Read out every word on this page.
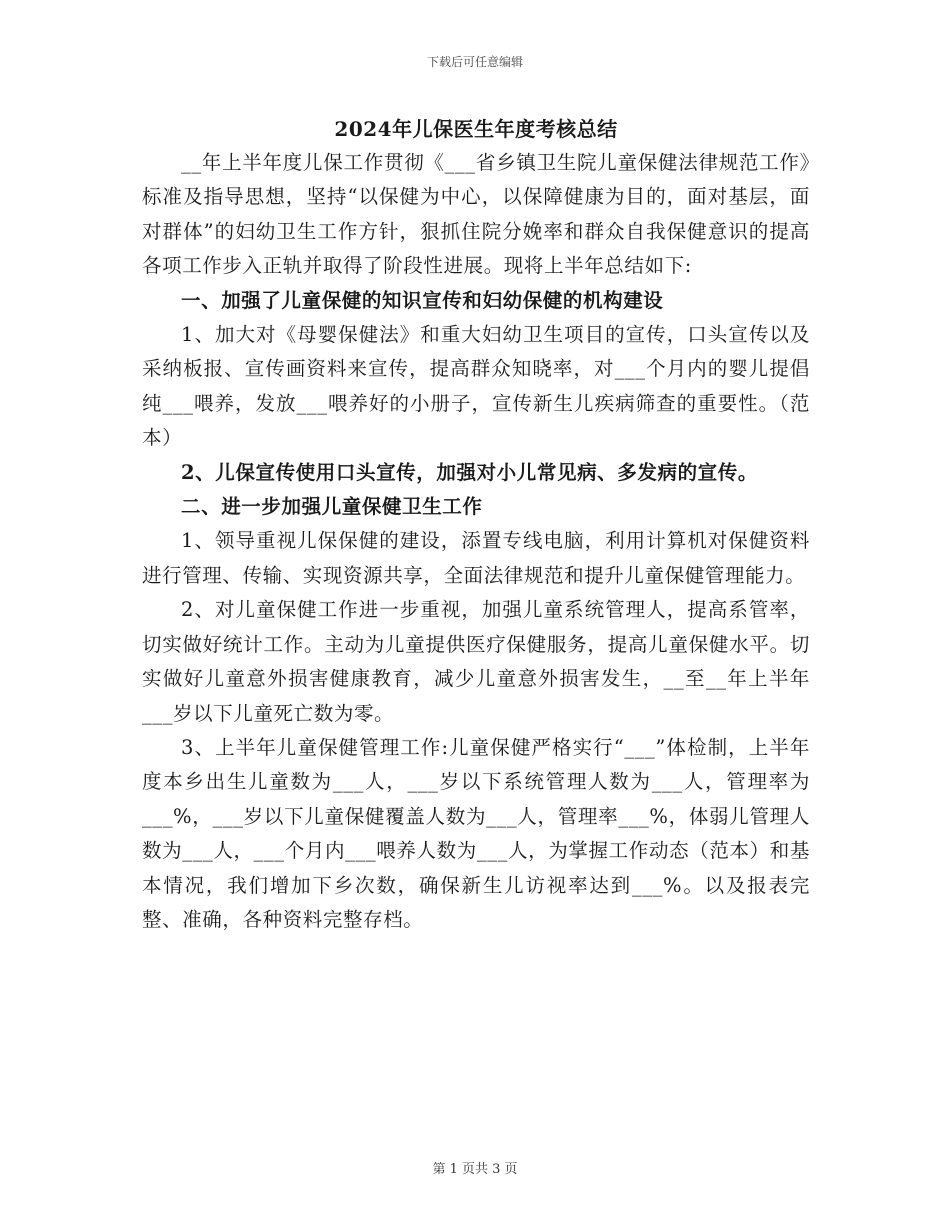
下载后可任意编辑
2024年儿保医生年度考核总结

__年上半年度儿保工作贯彻《___省乡镇卫生院儿童保健法律规范工作》标准及指导思想，坚持“以保健为中心，以保障健康为目的，面对基层，面对群体”的妇幼卫生工作方针，狠抓住院分娩率和群众自我保健意识的提高各项工作步入正轨并取得了阶段性进展。现将上半年总结如下:

一、加强了儿童保健的知识宣传和妇幼保健的机构建设

1、加大对《母婴保健法》和重大妇幼卫生项目的宣传，口头宣传以及采纳板报、宣传画资料来宣传，提高群众知晓率，对___个月内的婴儿提倡纯___喂养，发放___喂养好的小册子，宣传新生儿疾病筛查的重要性。（范本）

2、儿保宣传使用口头宣传，加强对小儿常见病、多发病的宣传。

二、进一步加强儿童保健卫生工作

1、领导重视儿保保健的建设，添置专线电脑，利用计算机对保健资料进行管理、传输、实现资源共享，全面法律规范和提升儿童保健管理能力。

2、对儿童保健工作进一步重视，加强儿童系统管理人，提高系管率，切实做好统计工作。主动为儿童提供医疗保健服务，提高儿童保健水平。切实做好儿童意外损害健康教育，减少儿童意外损害发生，__至__年上半年___岁以下儿童死亡数为零。

3、上半年儿童保健管理工作:儿童保健严格实行“___”体检制，上半年度本乡出生儿童数为___人，___岁以下系统管理人数为___人，管理率为___%，___岁以下儿童保健覆盖人数为___人，管理率___%，体弱儿管理人数为___人，___个月内___喂养人数为___人，为掌握工作动态（范本）和基本情况，我们增加下乡次数，确保新生儿访视率达到___%。以及报表完整、准确，各种资料完整存档。

第 1 页共 3 页
